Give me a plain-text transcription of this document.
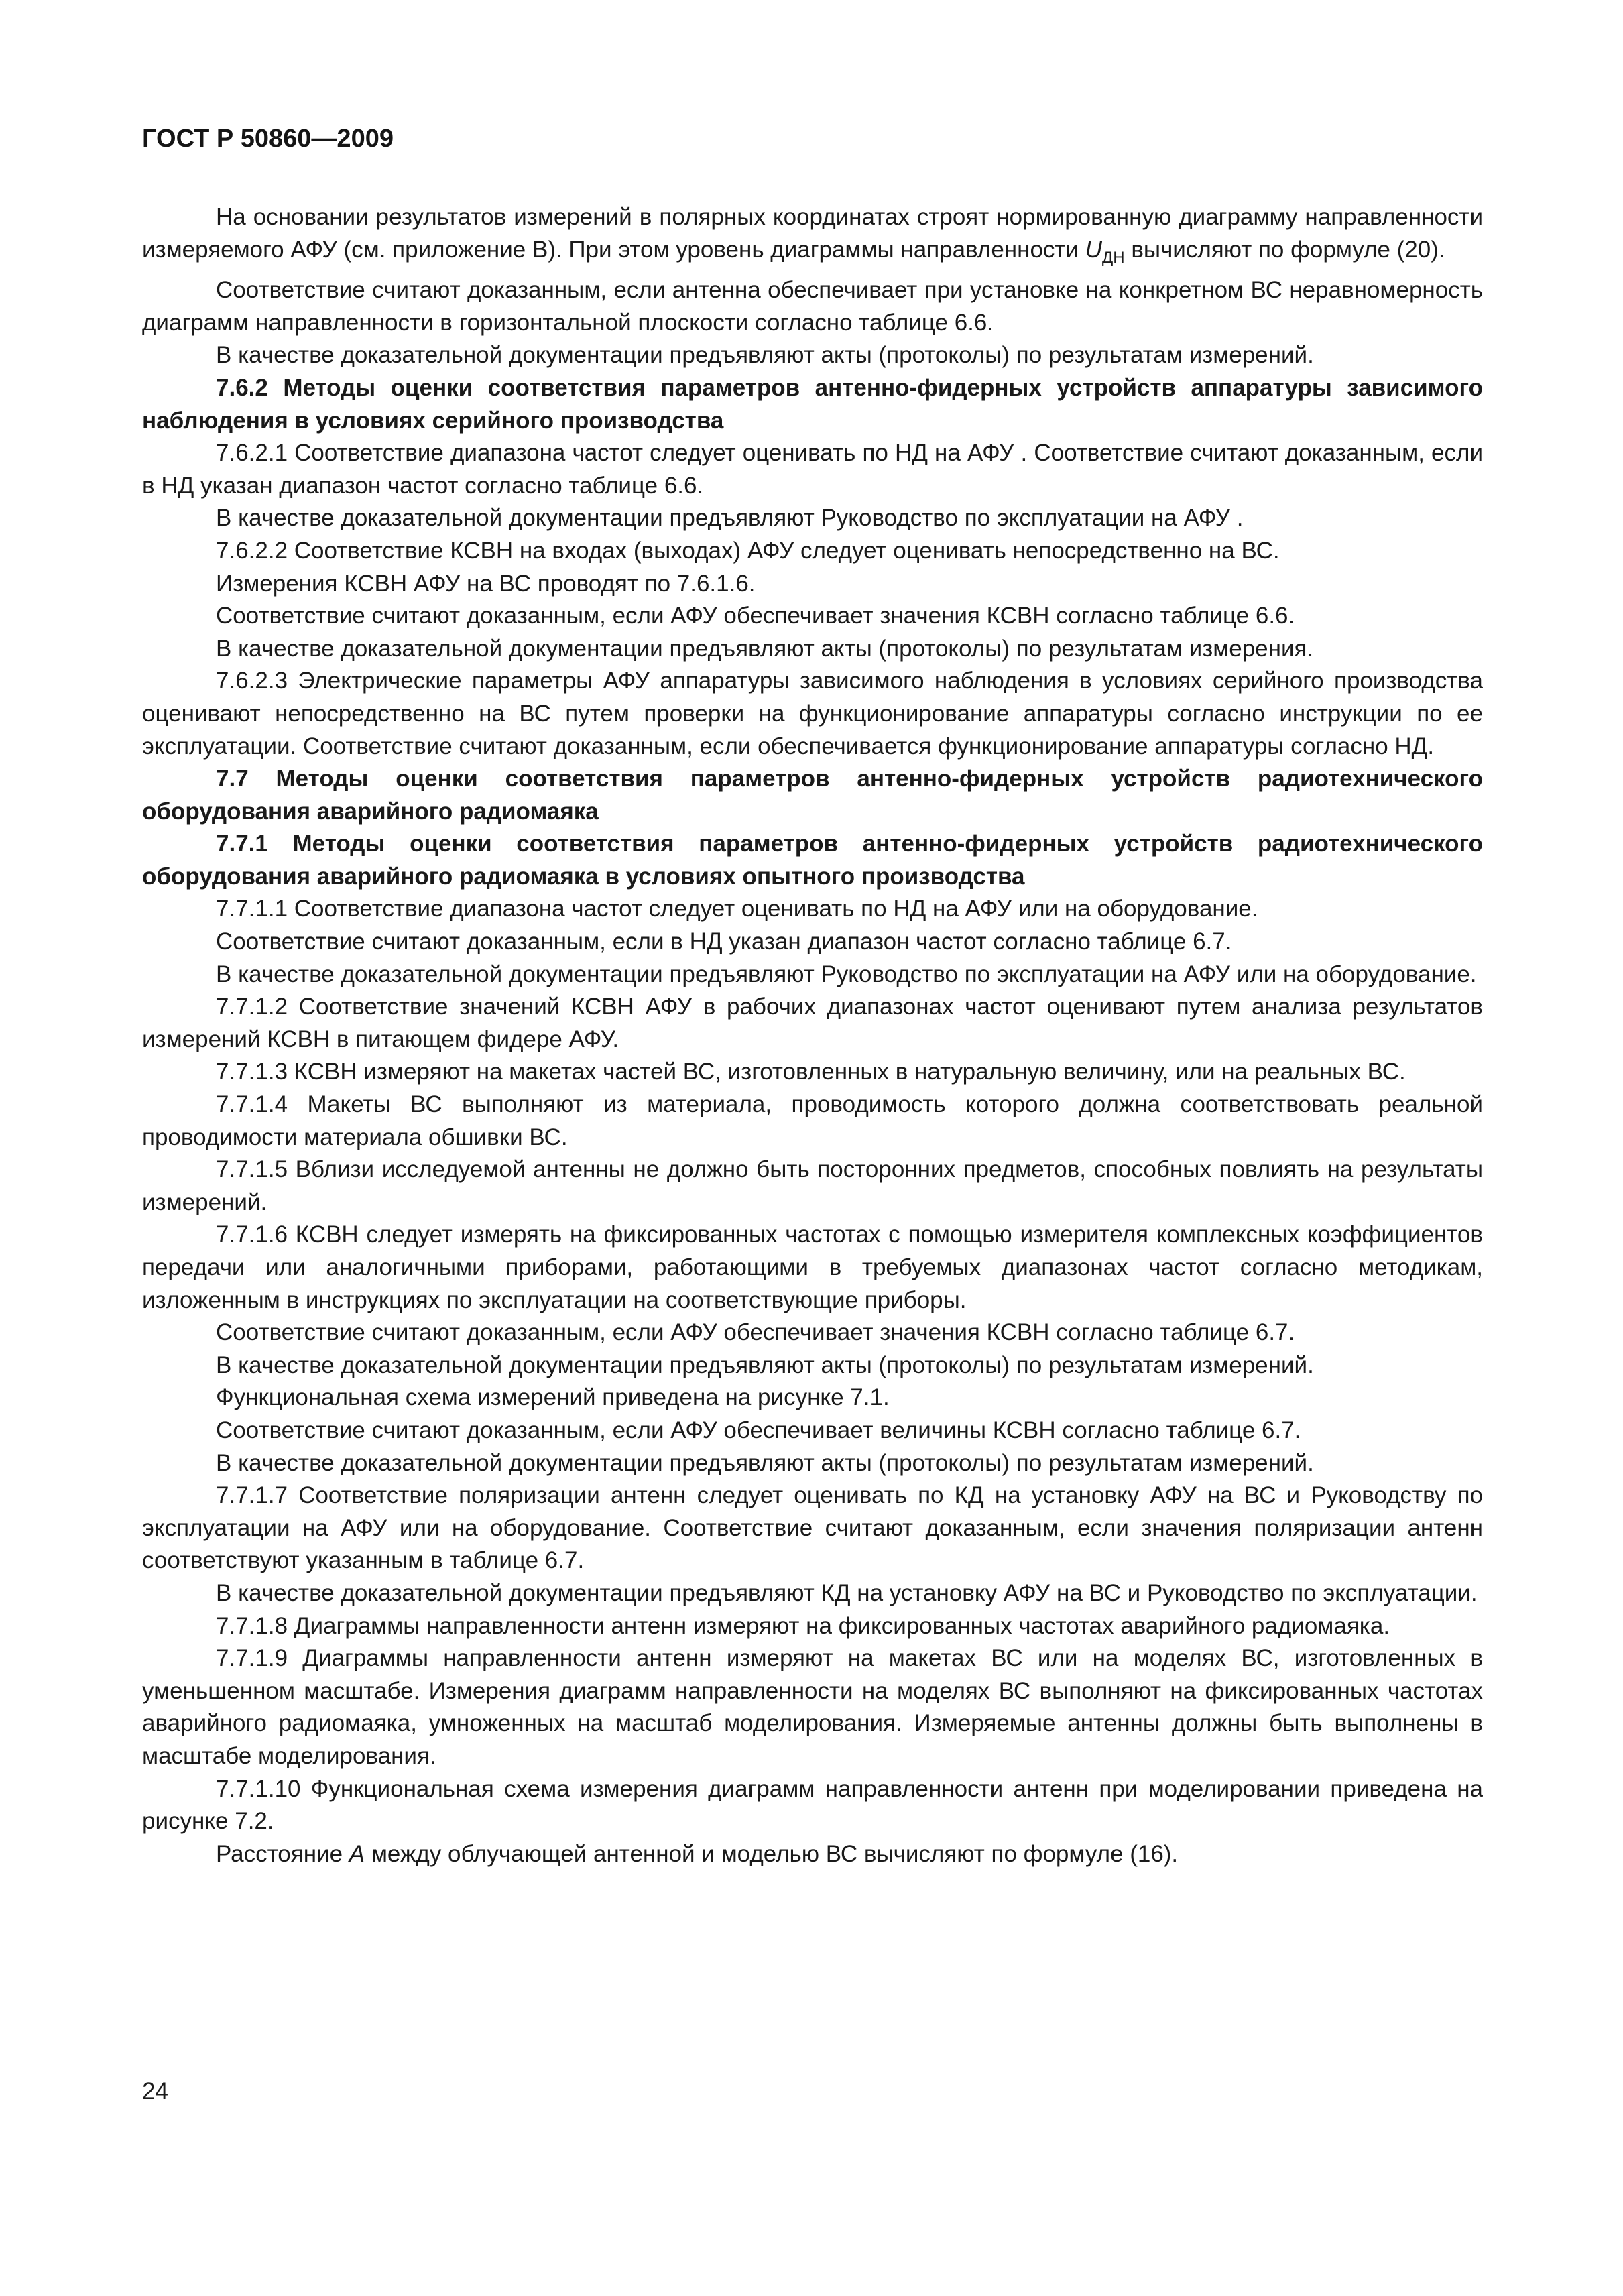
ГОСТ Р 50860—2009

На основании результатов измерений в полярных координатах строят нормированную диаграмму направленности измеряемого АФУ (см. приложение В). При этом уровень диаграммы направленности $U_{ДН}$ вычисляют по формуле (20).

Соответствие считают доказанным, если антенна обеспечивает при установке на конкретном ВС неравномерность диаграмм направленности в горизонтальной плоскости согласно таблице 6.6.

В качестве доказательной документации предъявляют акты (протоколы) по результатам измерений.

7.6.2 Методы оценки соответствия параметров антенно-фидерных устройств аппаратуры зависимого наблюдения в условиях серийного производства

7.6.2.1 Соответствие диапазона частот следует оценивать по НД на АФУ . Соответствие считают доказанным, если в НД указан диапазон частот согласно таблице 6.6.

В качестве доказательной документации предъявляют Руководство по эксплуатации на АФУ .

7.6.2.2 Соответствие КСВН на входах (выходах) АФУ следует оценивать непосредственно на ВС.

Измерения КСВН АФУ на ВС проводят по 7.6.1.6.

Соответствие считают доказанным, если АФУ обеспечивает значения КСВН согласно таблице 6.6.

В качестве доказательной документации предъявляют акты (протоколы) по результатам измерения.

7.6.2.3 Электрические параметры АФУ аппаратуры зависимого наблюдения в условиях серийного производства оценивают непосредственно на ВС путем проверки на функционирование аппаратуры согласно инструкции по ее эксплуатации. Соответствие считают доказанным, если обеспечивается функционирование аппаратуры согласно НД.

7.7 Методы оценки соответствия параметров антенно-фидерных устройств радиотехнического оборудования аварийного радиомаяка

7.7.1 Методы оценки соответствия параметров антенно-фидерных устройств радиотехнического оборудования аварийного радиомаяка в условиях опытного производства

7.7.1.1 Соответствие диапазона частот следует оценивать по НД на АФУ или на оборудование.

Соответствие считают доказанным, если в НД указан диапазон частот согласно таблице 6.7.

В качестве доказательной документации предъявляют Руководство по эксплуатации на АФУ или на оборудование.

7.7.1.2 Соответствие значений КСВН АФУ в рабочих диапазонах частот оценивают путем анализа результатов измерений КСВН в питающем фидере АФУ.

7.7.1.3 КСВН измеряют на макетах частей ВС, изготовленных в натуральную величину, или на реальных ВС.

7.7.1.4 Макеты ВС выполняют из материала, проводимость которого должна соответствовать реальной проводимости материала обшивки ВС.

7.7.1.5 Вблизи исследуемой антенны не должно быть посторонних предметов, способных повлиять на результаты измерений.

7.7.1.6 КСВН следует измерять на фиксированных частотах с помощью измерителя комплексных коэффициентов передачи или аналогичными приборами, работающими в требуемых диапазонах частот согласно методикам, изложенным в инструкциях по эксплуатации на соответствующие приборы.

Соответствие считают доказанным, если АФУ обеспечивает значения КСВН согласно таблице 6.7.

В качестве доказательной документации предъявляют акты (протоколы) по результатам измерений.

Функциональная схема измерений приведена на рисунке 7.1.

Соответствие считают доказанным, если АФУ обеспечивает величины КСВН согласно таблице 6.7.

В качестве доказательной документации предъявляют акты (протоколы) по результатам измерений.

7.7.1.7 Соответствие поляризации антенн следует оценивать по КД на установку АФУ на ВС и Руководству по эксплуатации на АФУ или на оборудование. Соответствие считают доказанным, если значения поляризации антенн соответствуют указанным в таблице 6.7.

В качестве доказательной документации предъявляют КД на установку АФУ на ВС и Руководство по эксплуатации.

7.7.1.8 Диаграммы направленности антенн измеряют на фиксированных частотах аварийного радиомаяка.

7.7.1.9 Диаграммы направленности антенн измеряют на макетах ВС или на моделях ВС, изготовленных в уменьшенном масштабе. Измерения диаграмм направленности на моделях ВС выполняют на фиксированных частотах аварийного радиомаяка, умноженных на масштаб моделирования. Измеряемые антенны должны быть выполнены в масштабе моделирования.

7.7.1.10 Функциональная схема измерения диаграмм направленности антенн при моделировании приведена на рисунке 7.2.

Расстояние A между облучающей антенной и моделью ВС вычисляют по формуле (16).

24
